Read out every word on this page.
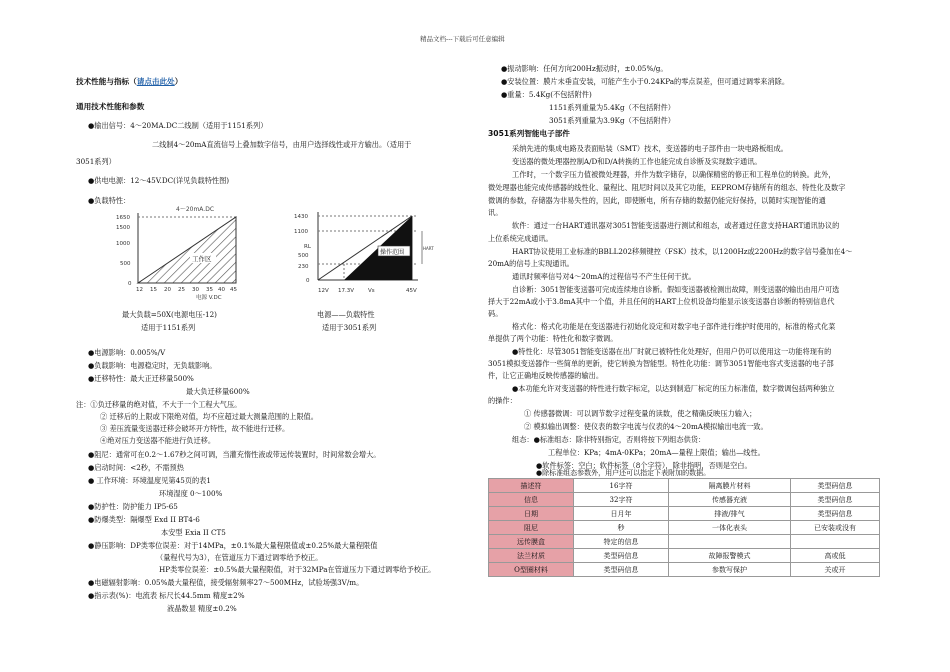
精品文档---下载后可任意编辑
技术性能与指标（请点击此处）
通用技术性能和参数
●输出信号：4～20MA.DC二线制（适用于1151系列）
二线制4～20mA直流信号上叠加数字信号，由用户选择线性或开方输出。（适用于
3051系列）
●供电电源：12～45V.DC(详见负载特性图)
●负载特性：
4～20mA.DC
工作区
1650
1500
1000
500
0
12 15 20 25 30 35 40 45
电源 V.DC
最大负载=50X(电源电压-12)
适用于1151系列
1430
1100
RL
500
230
0
12V 17.3V	Vs	45V
操作范围
HART
电源——负载特性
适用于3051系列
●电源影响：0.005%/V
●负载影响：电源稳定时，无负载影响。
●迁移特性：最大正迁移量500%
最大负迁移量600%
注：①负迁移量的绝对值，不大于一个工程大气压。
② 迁移后的上限或下限绝对值，均不应超过最大测量范围的上限值。
③ 差压流量变送器迁移会破坏开方特性，故不能进行迁移。
④绝对压力变送器不能进行负迁移。
●阻尼：通常可在0.2～1.67秒之间可调，当灌充惰性液或带远传装置时，时间常数会增大。
●启动时间：<2秒，不需预热
● 工作环境：环境温度见第45页的表1
环境湿度 0～100%
●防护性：防护能力 IP5-65
●防爆类型：隔爆型 Exd II BT4-6
本安型 Exia II CT5
●静压影响：DP类零位误差：对于14MPa，±0.1%最大量程限值或±0.25%最大量程限值
（量程代号为3），在管道压力下通过调零给予校正。
HP类零位误差：±0.5%最大量程限值，对于32MPa在管道压力下通过调零给予校正。
●电磁辐射影响：0.05%最大量程值，接受辐射频率27～500MHz，试验场强3V/m。
●指示表(%)：电流表 标尺长44.5mm 精度±2%
液晶数显 精度±0.2%
●振动影响：任何方向200Hz振动时，±0.05%/g。
●安装位置：膜片未垂直安装，可能产生小于0.24KPa的零点误差，但可通过调零来消除。
●重量：5.4Kg(不包括附件)
1151系列重量为5.4Kg（不包括附件）
3051系列重量为3.9Kg（不包括附件）
3051系列智能电子部件
采纳先进的集成电路及表面贴装（SMT）技术，变送器的电子部件由一块电路板组成。
变送器的微处理器控制A/D和D/A转换的工作也能完成自诊断及实现数字通讯。
工作时，一个数字压力值被微处理器，并作为数字储存，以确保精密的修正和工程单位的转换。此外，
微处理器也能完成传感器的线性化、量程比、阻尼时间以及其它功能，EEPROM存储所有的组态、特性化及数字
微调的参数，存储器为非易失性的，因此，即使断电，所有存储的数据仍能完好保持，以随时实现智能的通
讯。
软件：通过一台HART通讯器对3051智能变送器进行测试和组态，或者通过任意支持HART通讯协议的
上位系统完成通讯。
HART协议使用工业标准的BBLL202移频键控（FSK）技术，以1200Hz或2200Hz的数字信号叠加在4～
20mA的信号上实现通讯。
通讯时频率信号对4～20mA的过程信号不产生任何干扰。
自诊断：3051智能变送器可完成连续地自诊断。假如变送器被检测出故障，则变送器的输出由用户可选
择大于22mA或小于3.8mA其中一个值，并且任何的HART上位机设备均能显示该变送器自诊断的特别信息代
码。
格式化：格式化功能是在变送器进行初始化设定和对数字电子部件进行维护时使用的，标准的格式化菜
单提供了两个功能：特性化和数字微调。
●特性化：尽管3051智能变送器在出厂时就已被特性化处理好，但用户仍可以使用这一功能将现有的
3051模拟变送器作一些简单的更新，使它转换为智能型。特性化功能：调节3051智能电容式变送器的电子部
件，让它正确地反映传感器的输出。
●本功能允许对变送器的特性进行数字标定，以达到制造厂标定的压力标准值，数字微调包括两种独立
的操作：
① 传感器微调：可以调节数字过程变量的读数，使之精确反映压力输入；
② 模拟输出调整：使仪表的数字电流与仪表的4～20mA模拟输出电流一致。
组态：●标准组态：除非特别指定，否则将按下列组态供货：
工程单位：KPa；4mA-0KPa；20mA—量程上限值；输出—线性。
●软件标签：空白；软件标签（8个字符），除非指明，否则是空白。
●除标准组态参数外，用户还可以指定下表附加的数据。
描述符	16字符	隔离膜片材料	类型码信息
信息	32字符	传感器充液	类型码信息
日期	日月年	排液/排气	类型码信息
阻尼	秒	一体化表头	已安装或没有
远传膜盒	特定的信息		
法兰材质	类型码信息	故障报警模式	高或低
O型圈材料	类型码信息	参数写保护	关或开
